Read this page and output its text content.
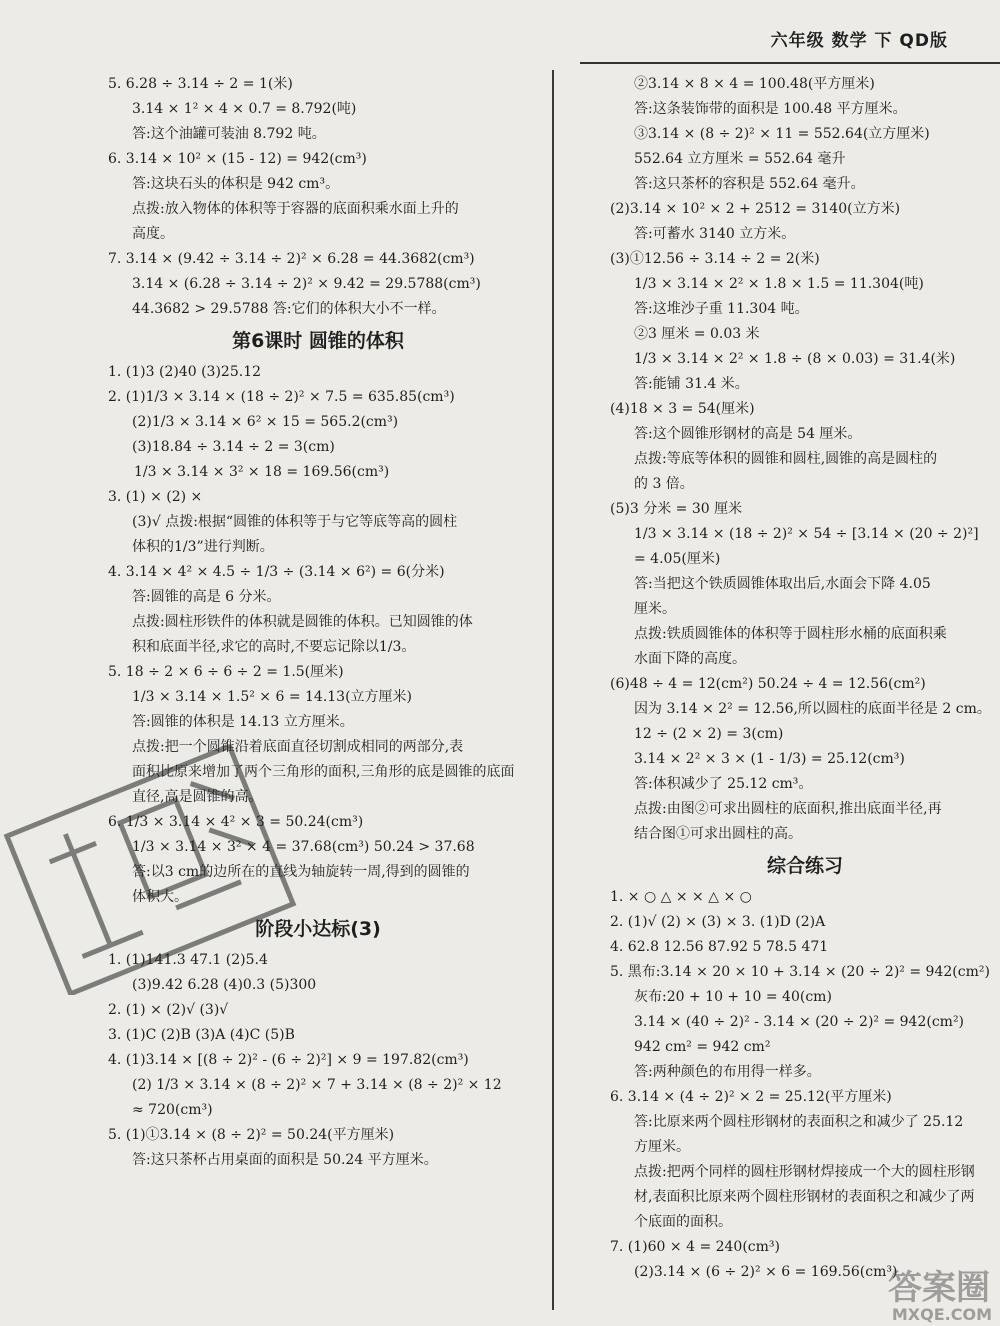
六年级 数学 下 QD版
5. 6.28 ÷ 3.14 ÷ 2 = 1(米)
3.14 × 1² × 4 × 0.7 = 8.792(吨)
答:这个油罐可装油 8.792 吨。
6. 3.14 × 10² × (15 - 12) = 942(cm³)
答:这块石头的体积是 942 cm³。
点拨:放入物体的体积等于容器的底面积乘水面上升的
高度。
7. 3.14 × (9.42 ÷ 3.14 ÷ 2)² × 6.28 = 44.3682(cm³)
3.14 × (6.28 ÷ 3.14 ÷ 2)² × 9.42 = 29.5788(cm³)
44.3682 > 29.5788 答:它们的体积大小不一样。
第6课时 圆锥的体积
1. (1)3 (2)40 (3)25.12
2. (1)1/3 × 3.14 × (18 ÷ 2)² × 7.5 = 635.85(cm³)
(2)1/3 × 3.14 × 6² × 15 = 565.2(cm³)
(3)18.84 ÷ 3.14 ÷ 2 = 3(cm)
1/3 × 3.14 × 3² × 18 = 169.56(cm³)
3. (1) × (2) ×
(3)√ 点拨:根据“圆锥的体积等于与它等底等高的圆柱
体积的1/3”进行判断。
4. 3.14 × 4² × 4.5 ÷ 1/3 ÷ (3.14 × 6²) = 6(分米)
答:圆锥的高是 6 分米。
点拨:圆柱形铁件的体积就是圆锥的体积。已知圆锥的体
积和底面半径,求它的高时,不要忘记除以1/3。
5. 18 ÷ 2 × 6 ÷ 6 ÷ 2 = 1.5(厘米)
1/3 × 3.14 × 1.5² × 6 = 14.13(立方厘米)
答:圆锥的体积是 14.13 立方厘米。
点拨:把一个圆锥沿着底面直径切割成相同的两部分,表
面积比原来增加了两个三角形的面积,三角形的底是圆锥的底面
直径,高是圆锥的高。
6. 1/3 × 3.14 × 4² × 3 = 50.24(cm³)
1/3 × 3.14 × 3² × 4 = 37.68(cm³) 50.24 > 37.68
答:以3 cm的边所在的直线为轴旋转一周,得到的圆锥的
体积大。
阶段小达标(3)
1. (1)141.3 47.1 (2)5.4
(3)9.42 6.28 (4)0.3 (5)300
2. (1) × (2)√ (3)√
3. (1)C (2)B (3)A (4)C (5)B
4. (1)3.14 × [(8 ÷ 2)² - (6 ÷ 2)²] × 9 = 197.82(cm³)
(2) 1/3 × 3.14 × (8 ÷ 2)² × 7 + 3.14 × (8 ÷ 2)² × 12
≈ 720(cm³)
5. (1)①3.14 × (8 ÷ 2)² = 50.24(平方厘米)
答:这只茶杯占用桌面的面积是 50.24 平方厘米。
②3.14 × 8 × 4 = 100.48(平方厘米)
答:这条装饰带的面积是 100.48 平方厘米。
③3.14 × (8 ÷ 2)² × 11 = 552.64(立方厘米)
552.64 立方厘米 = 552.64 毫升
答:这只茶杯的容积是 552.64 毫升。
(2)3.14 × 10² × 2 + 2512 = 3140(立方米)
答:可蓄水 3140 立方米。
(3)①12.56 ÷ 3.14 ÷ 2 = 2(米)
1/3 × 3.14 × 2² × 1.8 × 1.5 = 11.304(吨)
答:这堆沙子重 11.304 吨。
②3 厘米 = 0.03 米
1/3 × 3.14 × 2² × 1.8 ÷ (8 × 0.03) = 31.4(米)
答:能铺 31.4 米。
(4)18 × 3 = 54(厘米)
答:这个圆锥形钢材的高是 54 厘米。
点拨:等底等体积的圆锥和圆柱,圆锥的高是圆柱的
的 3 倍。
(5)3 分米 = 30 厘米
1/3 × 3.14 × (18 ÷ 2)² × 54 ÷ [3.14 × (20 ÷ 2)²]
= 4.05(厘米)
答:当把这个铁质圆锥体取出后,水面会下降 4.05
厘米。
点拨:铁质圆锥体的体积等于圆柱形水桶的底面积乘
水面下降的高度。
(6)48 ÷ 4 = 12(cm²) 50.24 ÷ 4 = 12.56(cm²)
因为 3.14 × 2² = 12.56,所以圆柱的底面半径是 2 cm。
12 ÷ (2 × 2) = 3(cm)
3.14 × 2² × 3 × (1 - 1/3) = 25.12(cm³)
答:体积减少了 25.12 cm³。
点拨:由图②可求出圆柱的底面积,推出底面半径,再
结合图①可求出圆柱的高。
综合练习
1. × ○ △ × × △ × ○
2. (1)√ (2) × (3) × 3. (1)D (2)A
4. 62.8 12.56 87.92 5 78.5 471
5. 黑布:3.14 × 20 × 10 + 3.14 × (20 ÷ 2)² = 942(cm²)
灰布:20 + 10 + 10 = 40(cm)
3.14 × (40 ÷ 2)² - 3.14 × (20 ÷ 2)² = 942(cm²)
942 cm² = 942 cm²
答:两种颜色的布用得一样多。
6. 3.14 × (4 ÷ 2)² × 2 = 25.12(平方厘米)
答:比原来两个圆柱形钢材的表面积之和减少了 25.12
方厘米。
点拨:把两个同样的圆柱形钢材焊接成一个大的圆柱形钢
材,表面积比原来两个圆柱形钢材的表面积之和减少了两
个底面的面积。
7. (1)60 × 4 = 240(cm³)
(2)3.14 × (6 ÷ 2)² × 6 = 169.56(cm³)
答案圈
MXQE.COM
